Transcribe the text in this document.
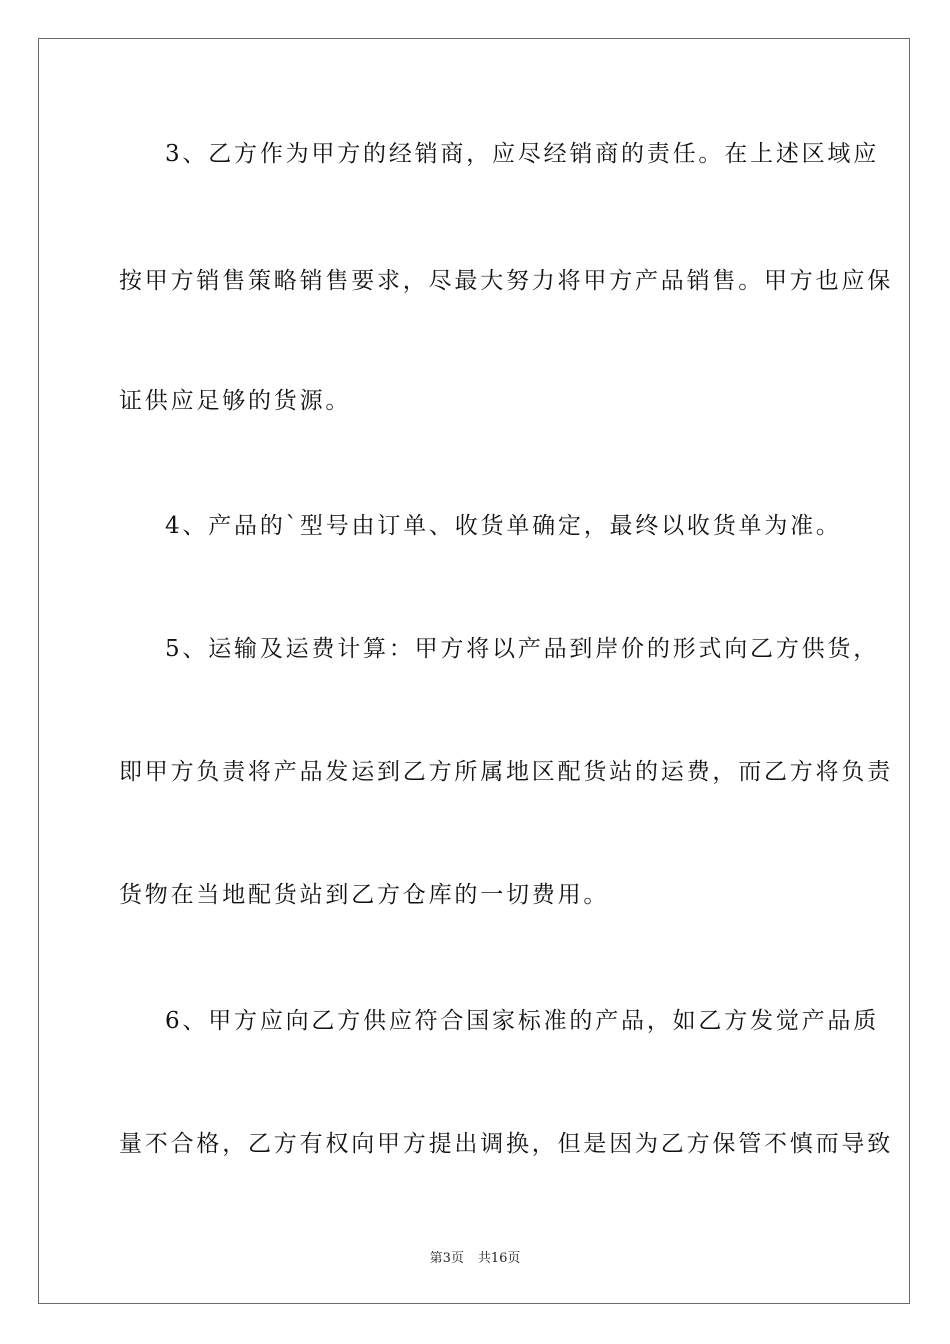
3、乙方作为甲方的经销商，应尽经销商的责任。在上述区域应
按甲方销售策略销售要求，尽最大努力将甲方产品销售。甲方也应保
证供应足够的货源。
4、产品的`型号由订单、收货单确定，最终以收货单为准。
5、运输及运费计算：甲方将以产品到岸价的形式向乙方供货，
即甲方负责将产品发运到乙方所属地区配货站的运费，而乙方将负责
货物在当地配货站到乙方仓库的一切费用。
6、甲方应向乙方供应符合国家标准的产品，如乙方发觉产品质
量不合格，乙方有权向甲方提出调换，但是因为乙方保管不慎而导致
第3页 共16页
